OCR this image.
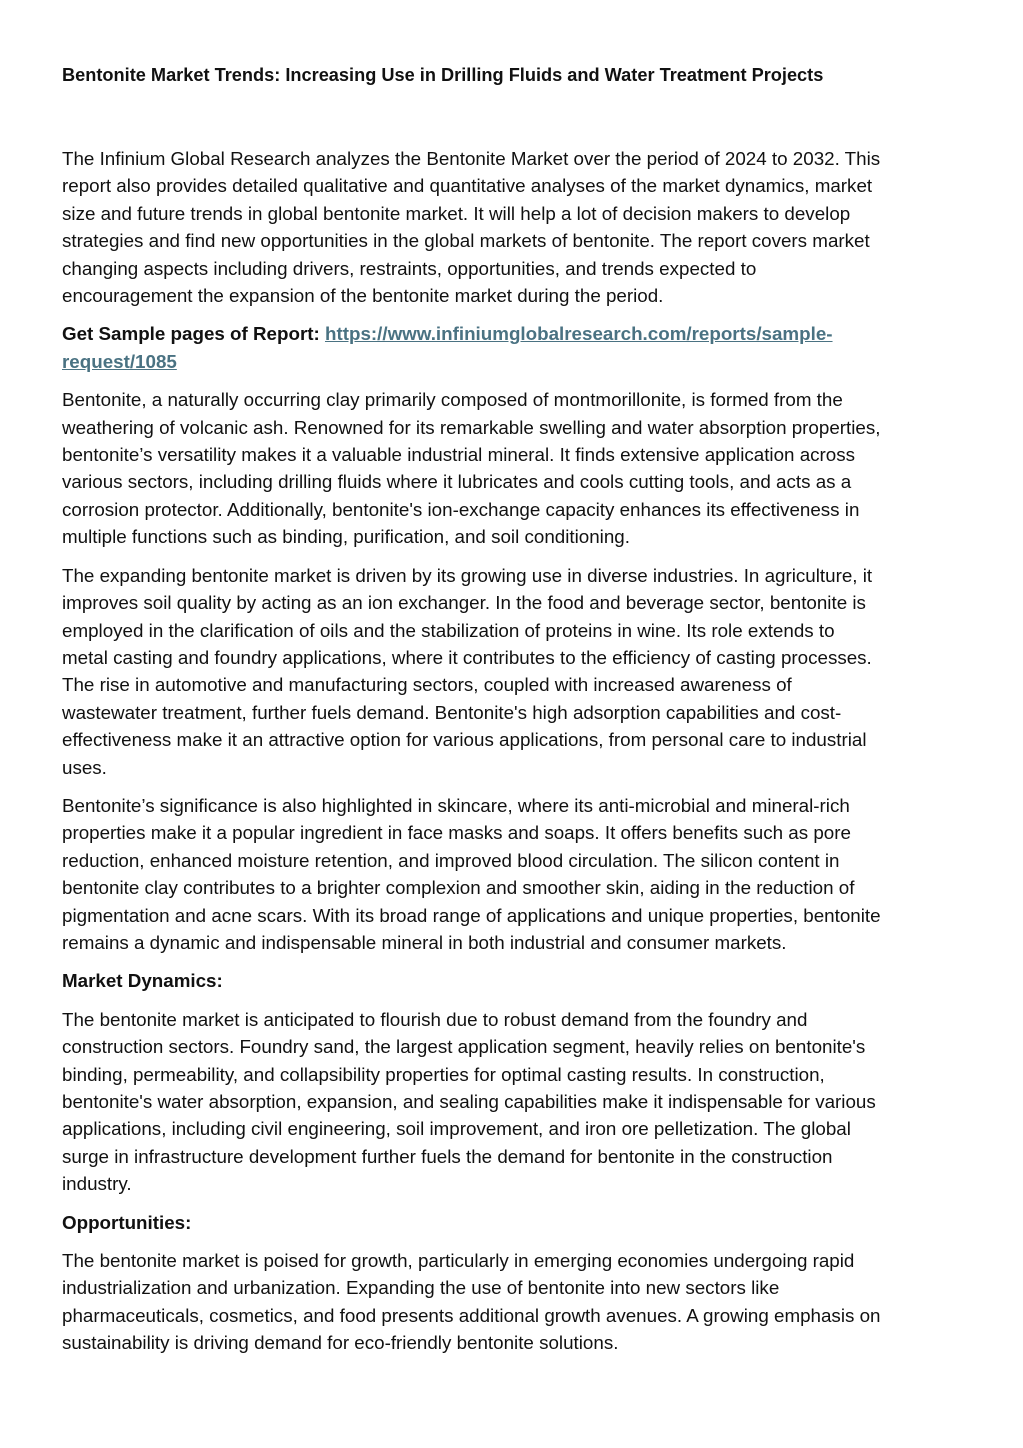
Bentonite Market Trends: Increasing Use in Drilling Fluids and Water Treatment Projects

The Infinium Global Research analyzes the Bentonite Market over the period of 2024 to 2032. This
report also provides detailed qualitative and quantitative analyses of the market dynamics, market
size and future trends in global bentonite market. It will help a lot of decision makers to develop
strategies and find new opportunities in the global markets of bentonite. The report covers market
changing aspects including drivers, restraints, opportunities, and trends expected to
encouragement the expansion of the bentonite market during the period.

Get Sample pages of Report: https://www.infiniumglobalresearch.com/reports/sample-
request/1085

Bentonite, a naturally occurring clay primarily composed of montmorillonite, is formed from the
weathering of volcanic ash. Renowned for its remarkable swelling and water absorption properties,
bentonite’s versatility makes it a valuable industrial mineral. It finds extensive application across
various sectors, including drilling fluids where it lubricates and cools cutting tools, and acts as a
corrosion protector. Additionally, bentonite's ion-exchange capacity enhances its effectiveness in
multiple functions such as binding, purification, and soil conditioning.

The expanding bentonite market is driven by its growing use in diverse industries. In agriculture, it
improves soil quality by acting as an ion exchanger. In the food and beverage sector, bentonite is
employed in the clarification of oils and the stabilization of proteins in wine. Its role extends to
metal casting and foundry applications, where it contributes to the efficiency of casting processes.
The rise in automotive and manufacturing sectors, coupled with increased awareness of
wastewater treatment, further fuels demand. Bentonite's high adsorption capabilities and cost-
effectiveness make it an attractive option for various applications, from personal care to industrial
uses.

Bentonite’s significance is also highlighted in skincare, where its anti-microbial and mineral-rich
properties make it a popular ingredient in face masks and soaps. It offers benefits such as pore
reduction, enhanced moisture retention, and improved blood circulation. The silicon content in
bentonite clay contributes to a brighter complexion and smoother skin, aiding in the reduction of
pigmentation and acne scars. With its broad range of applications and unique properties, bentonite
remains a dynamic and indispensable mineral in both industrial and consumer markets.

Market Dynamics:

The bentonite market is anticipated to flourish due to robust demand from the foundry and
construction sectors. Foundry sand, the largest application segment, heavily relies on bentonite's
binding, permeability, and collapsibility properties for optimal casting results. In construction,
bentonite's water absorption, expansion, and sealing capabilities make it indispensable for various
applications, including civil engineering, soil improvement, and iron ore pelletization. The global
surge in infrastructure development further fuels the demand for bentonite in the construction
industry.

Opportunities:

The bentonite market is poised for growth, particularly in emerging economies undergoing rapid
industrialization and urbanization. Expanding the use of bentonite into new sectors like
pharmaceuticals, cosmetics, and food presents additional growth avenues. A growing emphasis on
sustainability is driving demand for eco-friendly bentonite solutions.
